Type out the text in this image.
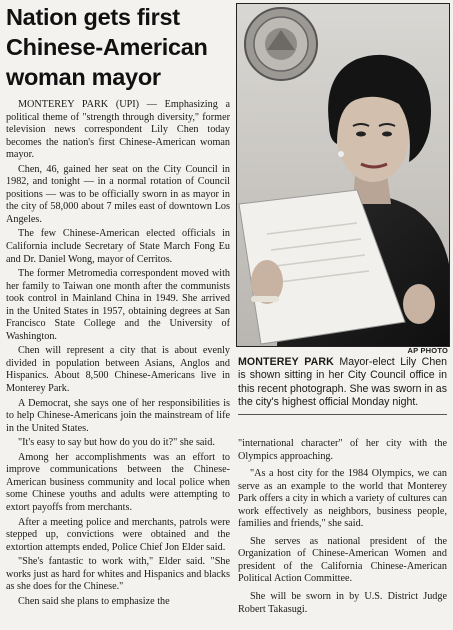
Nation gets first
Chinese-American
woman mayor

MONTEREY PARK (UPI) — Emphasizing a political theme of "strength through diversity," former television news correspondent Lily Chen today becomes the nation's first Chinese-American woman mayor.

Chen, 46, gained her seat on the City Council in 1982, and tonight — in a normal rotation of Council positions — was to be officially sworn in as mayor in the city of 58,000 about 7 miles east of downtown Los Angeles.

The few Chinese-American elected officials in California include Secretary of State March Fong Eu and Dr. Daniel Wong, mayor of Cerritos.

The former Metromedia correspondent moved with her family to Taiwan one month after the communists took control in Mainland China in 1949. She arrived in the United States in 1957, obtaining degrees at San Francisco State College and the University of Washington.

Chen will represent a city that is about evenly divided in population between Asians, Anglos and Hispanics. About 8,500 Chinese-Americans live in Monterey Park.

A Democrat, she says one of her responsibilities is to help Chinese-Americans join the mainstream of life in the United States.

"It's easy to say but how do you do it?" she said.

Among her accomplishments was an effort to improve communications between the Chinese-American business community and local police when some Chinese youths and adults were attempting to extort payoffs from merchants.

After a meeting police and merchants, patrols were stepped up, convictions were obtained and the extortion attempts ended, Police Chief Jon Elder said.

"She's fantastic to work with," Elder said. "She works just as hard for whites and Hispanics and blacks as she does for the Chinese."

Chen said she plans to emphasize the

AP PHOTO
MONTEREY PARK Mayor-elect Lily Chen is shown sitting in her City Council office in this recent photograph. She was sworn in as the city's highest official Monday night.

"international character" of her city with the Olympics approaching.

"As a host city for the 1984 Olympics, we can serve as an example to the world that Monterey Park offers a city in which a variety of cultures can work effectively as neighbors, business people, families and friends," she said.

She serves as national president of the Organization of Chinese-American Women and president of the California Chinese-American Political Action Committee.

She will be sworn in by U.S. District Judge Robert Takasugi.
